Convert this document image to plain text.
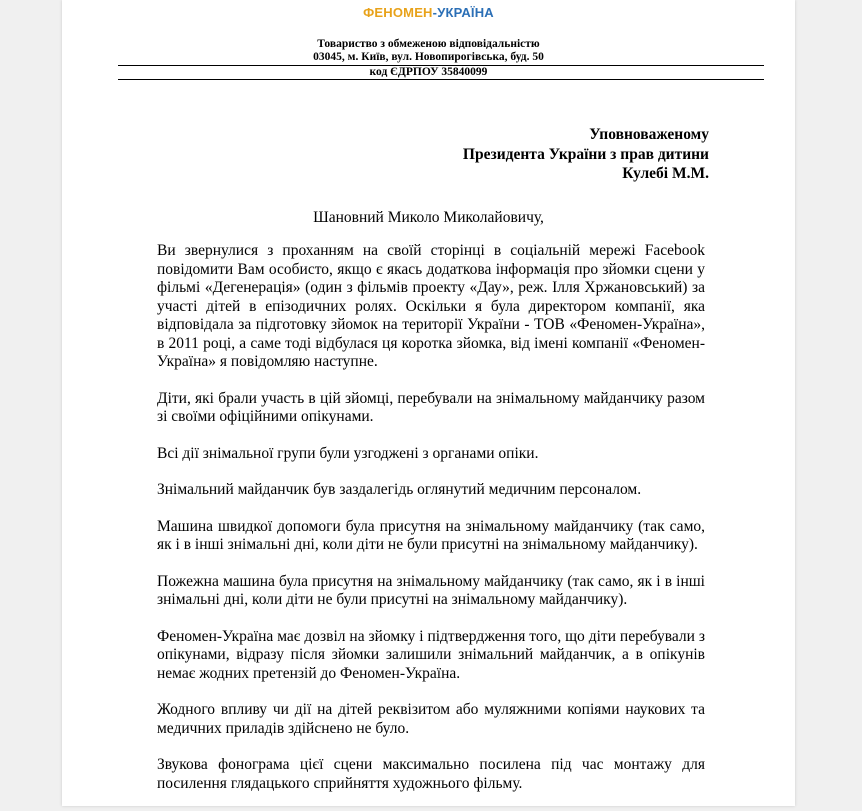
ФЕНОМЕН-УКРАЇНА
Товариство з обмеженою відповідальністю
03045, м. Київ, вул. Новопирогівська, буд. 50
код ЄДРПОУ 35840099
Уповноваженому
Президента України з прав дитини
Кулебі М.М.
Шановний Миколо Миколайовичу,

Ви звернулися з проханням на своїй сторінці в соціальній мережі Facebook повідомити Вам особисто, якщо є якась додаткова інформація про зйомки сцени у фільмі «Дегенерація» (один з фільмів проекту «Дау», реж. Ілля Хржановський) за участі дітей в епізодичних ролях. Оскільки я була директором компанії, яка відповідала за підготовку зйомок на території України - ТОВ «Феномен-Україна», в 2011 році, а саме тоді відбулася ця коротка зйомка, від імені компанії «Феномен-Україна» я повідомляю наступне.

Діти, які брали участь в цій зйомці, перебували на знімальному майданчику разом зі своїми офіційними опікунами.

Всі дії знімальної групи були узгоджені з органами опіки.

Знімальний майданчик був заздалегідь оглянутий медичним персоналом.

Машина швидкої допомоги була присутня на знімальному майданчику (так само, як і в інші знімальні дні, коли діти не були присутні на знімальному майданчику).

Пожежна машина була присутня на знімальному майданчику (так само, як і в інші знімальні дні, коли діти не були присутні на знімальному майданчику).

Феномен-Україна має дозвіл на зйомку і підтвердження того, що діти перебували з опікунами, відразу після зйомки залишили знімальний майданчик, а в опікунів немає жодних претензій до Феномен-Україна.

Жодного впливу чи дії на дітей реквізитом або муляжними копіями наукових та медичних приладів здійснено не було.

Звукова фонограма цієї сцени максимально посилена під час монтажу для посилення глядацького сприйняття художнього фільму.
